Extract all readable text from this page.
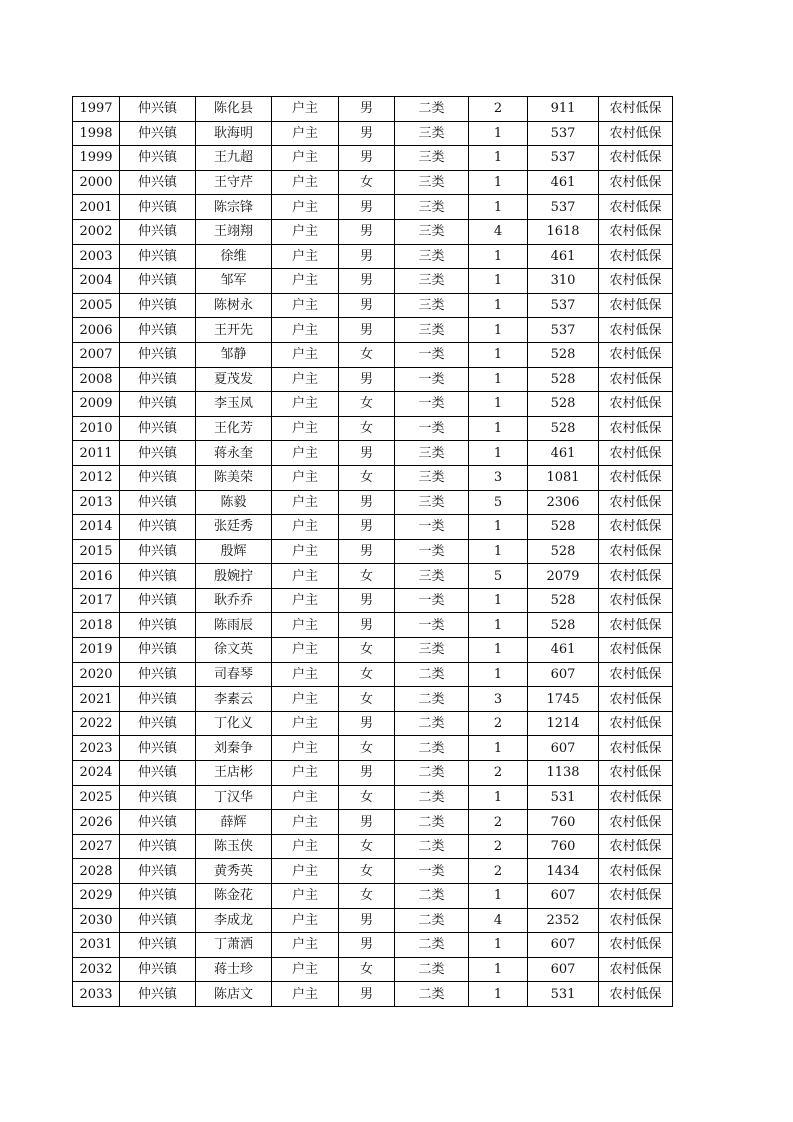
1997	仲兴镇	陈化县	户主	男	二类	2	911	农村低保
1998	仲兴镇	耿海明	户主	男	三类	1	537	农村低保
1999	仲兴镇	王九超	户主	男	三类	1	537	农村低保
2000	仲兴镇	王守芹	户主	女	三类	1	461	农村低保
2001	仲兴镇	陈宗锋	户主	男	三类	1	537	农村低保
2002	仲兴镇	王翊翔	户主	男	三类	4	1618	农村低保
2003	仲兴镇	徐维	户主	男	三类	1	461	农村低保
2004	仲兴镇	邹军	户主	男	三类	1	310	农村低保
2005	仲兴镇	陈树永	户主	男	三类	1	537	农村低保
2006	仲兴镇	王开先	户主	男	三类	1	537	农村低保
2007	仲兴镇	邹静	户主	女	一类	1	528	农村低保
2008	仲兴镇	夏茂发	户主	男	一类	1	528	农村低保
2009	仲兴镇	李玉凤	户主	女	一类	1	528	农村低保
2010	仲兴镇	王化芳	户主	女	一类	1	528	农村低保
2011	仲兴镇	蒋永奎	户主	男	三类	1	461	农村低保
2012	仲兴镇	陈美荣	户主	女	三类	3	1081	农村低保
2013	仲兴镇	陈毅	户主	男	三类	5	2306	农村低保
2014	仲兴镇	张廷秀	户主	男	一类	1	528	农村低保
2015	仲兴镇	殷辉	户主	男	一类	1	528	农村低保
2016	仲兴镇	殷婉拧	户主	女	三类	5	2079	农村低保
2017	仲兴镇	耿乔乔	户主	男	一类	1	528	农村低保
2018	仲兴镇	陈雨辰	户主	男	一类	1	528	农村低保
2019	仲兴镇	徐文英	户主	女	三类	1	461	农村低保
2020	仲兴镇	司春琴	户主	女	二类	1	607	农村低保
2021	仲兴镇	李素云	户主	女	二类	3	1745	农村低保
2022	仲兴镇	丁化义	户主	男	二类	2	1214	农村低保
2023	仲兴镇	刘秦争	户主	女	二类	1	607	农村低保
2024	仲兴镇	王店彬	户主	男	二类	2	1138	农村低保
2025	仲兴镇	丁汉华	户主	女	二类	1	531	农村低保
2026	仲兴镇	薛辉	户主	男	二类	2	760	农村低保
2027	仲兴镇	陈玉侠	户主	女	二类	2	760	农村低保
2028	仲兴镇	黄秀英	户主	女	一类	2	1434	农村低保
2029	仲兴镇	陈金花	户主	女	二类	1	607	农村低保
2030	仲兴镇	李成龙	户主	男	二类	4	2352	农村低保
2031	仲兴镇	丁萧洒	户主	男	二类	1	607	农村低保
2032	仲兴镇	蒋士珍	户主	女	二类	1	607	农村低保
2033	仲兴镇	陈店文	户主	男	二类	1	531	农村低保
